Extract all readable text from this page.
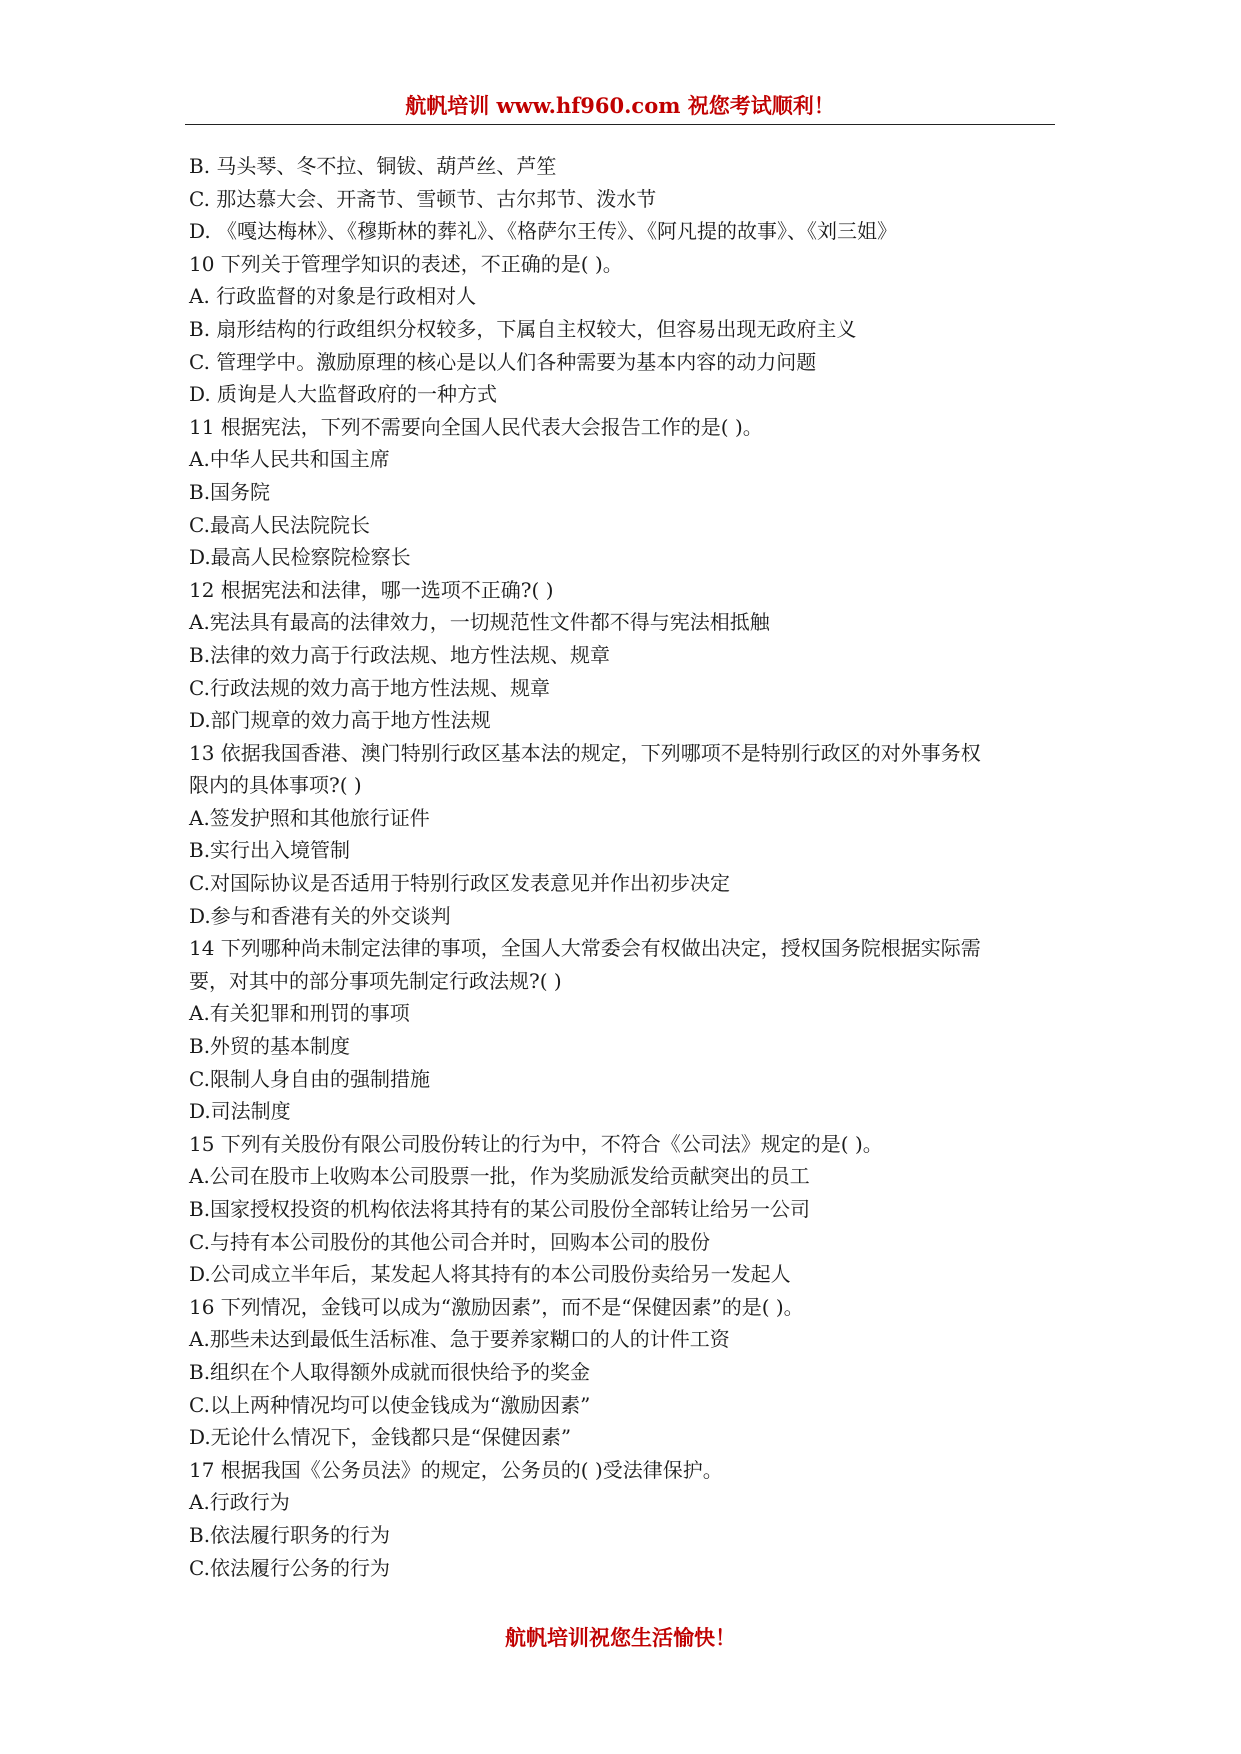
航帆培训 www.hf960.com 祝您考试顺利！
B. 马头琴、冬不拉、铜钹、葫芦丝、芦笙
C. 那达慕大会、开斋节、雪顿节、古尔邦节、泼水节
D. 《嘎达梅林》、《穆斯林的葬礼》、《格萨尔王传》、《阿凡提的故事》、《刘三姐》
10 下列关于管理学知识的表述，不正确的是( )。
A. 行政监督的对象是行政相对人
B. 扇形结构的行政组织分权较多，下属自主权较大，但容易出现无政府主义
C. 管理学中。激励原理的核心是以人们各种需要为基本内容的动力问题
D. 质询是人大监督政府的一种方式
11 根据宪法，下列不需要向全国人民代表大会报告工作的是( )。
A.中华人民共和国主席
B.国务院
C.最高人民法院院长
D.最高人民检察院检察长
12 根据宪法和法律，哪一选项不正确?( )
A.宪法具有最高的法律效力，一切规范性文件都不得与宪法相抵触
B.法律的效力高于行政法规、地方性法规、规章
C.行政法规的效力高于地方性法规、规章
D.部门规章的效力高于地方性法规
13 依据我国香港、澳门特别行政区基本法的规定，下列哪项不是特别行政区的对外事务权
限内的具体事项?( )
A.签发护照和其他旅行证件
B.实行出入境管制
C.对国际协议是否适用于特别行政区发表意见并作出初步决定
D.参与和香港有关的外交谈判
14 下列哪种尚未制定法律的事项，全国人大常委会有权做出决定，授权国务院根据实际需
要，对其中的部分事项先制定行政法规?( )
A.有关犯罪和刑罚的事项
B.外贸的基本制度
C.限制人身自由的强制措施
D.司法制度
15 下列有关股份有限公司股份转让的行为中，不符合《公司法》规定的是( )。
A.公司在股市上收购本公司股票一批，作为奖励派发给贡献突出的员工
B.国家授权投资的机构依法将其持有的某公司股份全部转让给另一公司
C.与持有本公司股份的其他公司合并时，回购本公司的股份
D.公司成立半年后，某发起人将其持有的本公司股份卖给另一发起人
16 下列情况，金钱可以成为“激励因素”，而不是“保健因素”的是( )。
A.那些未达到最低生活标准、急于要养家糊口的人的计件工资
B.组织在个人取得额外成就而很快给予的奖金
C.以上两种情况均可以使金钱成为“激励因素”
D.无论什么情况下，金钱都只是“保健因素”
17 根据我国《公务员法》的规定，公务员的( )受法律保护。
A.行政行为
B.依法履行职务的行为
C.依法履行公务的行为
航帆培训祝您生活愉快！
